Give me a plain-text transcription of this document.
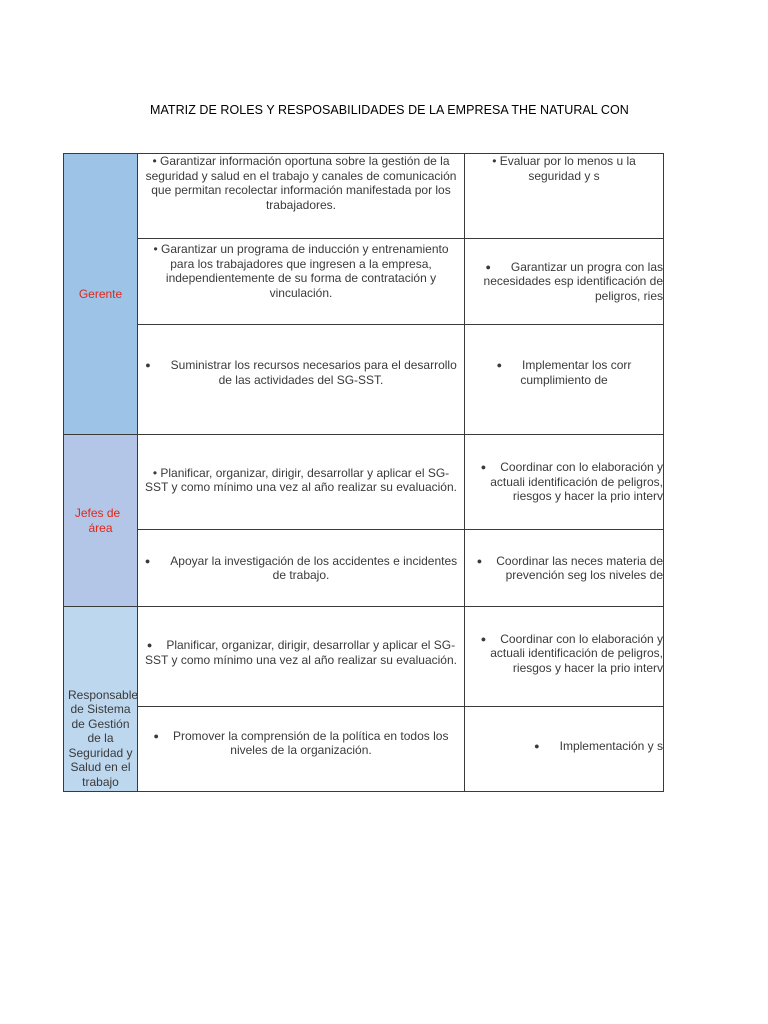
MATRIZ DE ROLES Y RESPOSABILIDADES DE LA EMPRESA THE NATURAL CON
Gerente	• Garantizar información oportuna sobre la gestión de la seguridad y salud en el trabajo y canales de comunicación que permitan recolectar información manifestada por los trabajadores.	• Evaluar por lo menos u la seguridad y s
	• Garantizar un programa de inducción y entrenamiento para los trabajadores que ingresen a la empresa, independientemente de su forma de contratación y vinculación.	● Garantizar un progra con las necesidades esp identificación de peligros, ries
	● Suministrar los recursos necesarios para el desarrollo de las actividades del SG-SST.	● Implementar los corr cumplimiento de
Jefes de área	• Planificar, organizar, dirigir, desarrollar y aplicar el SG-SST y como mínimo una vez al año realizar su evaluación.	● Coordinar con lo elaboración y actuali identificación de peligros, riesgos y hacer la prio interv
	● Apoyar la investigación de los accidentes e incidentes de trabajo.	● Coordinar las neces materia de prevención seg los niveles de
Responsable de Sistema de Gestión de la Seguridad y Salud en el trabajo	● Planificar, organizar, dirigir, desarrollar y aplicar el SG-SST y como mínimo una vez al año realizar su evaluación.	● Coordinar con lo elaboración y actuali identificación de peligros, riesgos y hacer la prio interv
	● Promover la comprensión de la política en todos los niveles de la organización.	● Implementación y s
